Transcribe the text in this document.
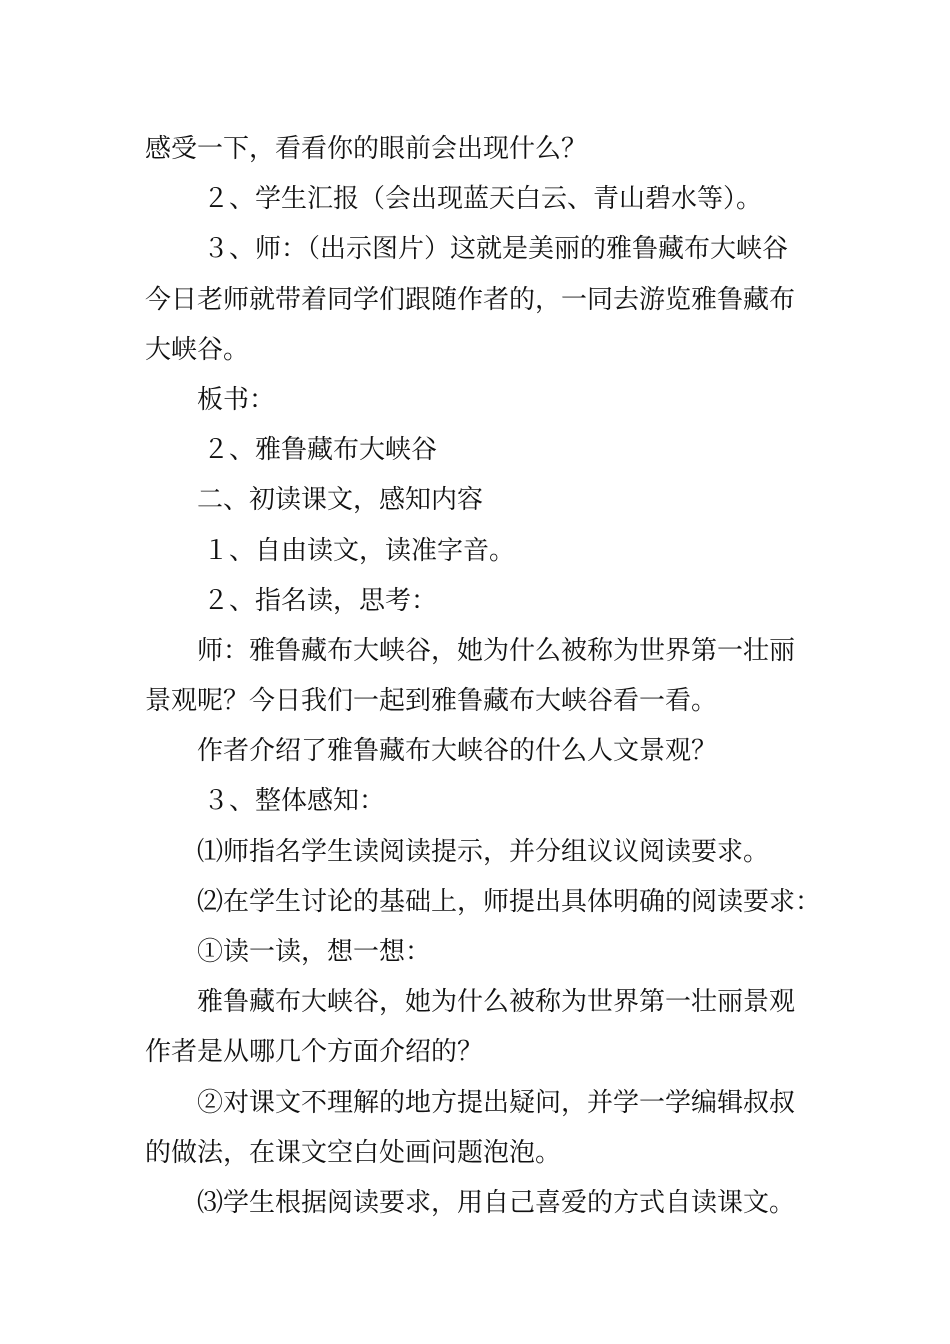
感受一下，看看你的眼前会出现什么？
２、学生汇报（会出现蓝天白云、青山碧水等）。
３、师：（出示图片）这就是美丽的雅鲁藏布大峡谷
今日老师就带着同学们跟随作者的，一同去游览雅鲁藏布
大峡谷。
板书：
２、雅鲁藏布大峡谷
二、初读课文，感知内容
１、自由读文，读准字音。
２、指名读，思考：
师：雅鲁藏布大峡谷，她为什么被称为世界第一壮丽
景观呢？今日我们一起到雅鲁藏布大峡谷看一看。
作者介绍了雅鲁藏布大峡谷的什么人文景观？
３、整体感知：
⑴师指名学生读阅读提示，并分组议议阅读要求。
⑵在学生讨论的基础上，师提出具体明确的阅读要求：
①读一读，想一想：
雅鲁藏布大峡谷，她为什么被称为世界第一壮丽景观
作者是从哪几个方面介绍的？
②对课文不理解的地方提出疑问，并学一学编辑叔叔
的做法，在课文空白处画问题泡泡。
⑶学生根据阅读要求，用自己喜爱的方式自读课文。
